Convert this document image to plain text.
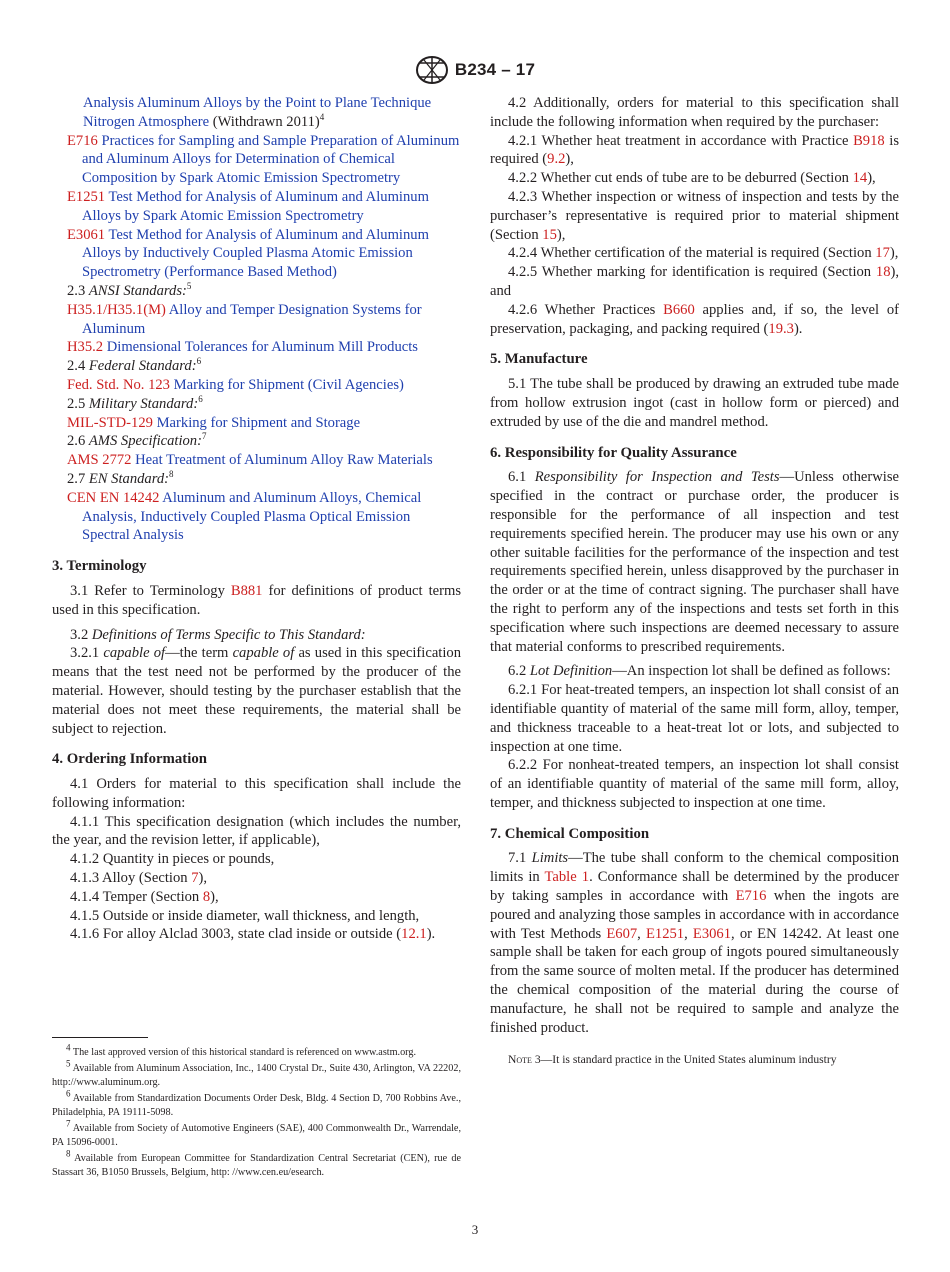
B234 – 17

Analysis Aluminum Alloys by the Point to Plane Technique Nitrogen Atmosphere (Withdrawn 2011)$^4$

E716 Practices for Sampling and Sample Preparation of Aluminum and Aluminum Alloys for Determination of Chemical Composition by Spark Atomic Emission Spectrometry

E1251 Test Method for Analysis of Aluminum and Aluminum Alloys by Spark Atomic Emission Spectrometry

E3061 Test Method for Analysis of Aluminum and Aluminum Alloys by Inductively Coupled Plasma Atomic Emission Spectrometry (Performance Based Method)

2.3 ANSI Standards:$^5$

H35.1/H35.1(M) Alloy and Temper Designation Systems for Aluminum

H35.2 Dimensional Tolerances for Aluminum Mill Products

2.4 Federal Standard:$^6$

Fed. Std. No. 123 Marking for Shipment (Civil Agencies)

2.5 Military Standard:$^6$

MIL-STD-129 Marking for Shipment and Storage

2.6 AMS Specification:$^7$

AMS 2772 Heat Treatment of Aluminum Alloy Raw Materials

2.7 EN Standard:$^8$

CEN EN 14242 Aluminum and Aluminum Alloys, Chemical Analysis, Inductively Coupled Plasma Optical Emission Spectral Analysis

3. Terminology

3.1 Refer to Terminology B881 for definitions of product terms used in this specification.

3.2 Definitions of Terms Specific to This Standard:

3.2.1 capable of—the term capable of as used in this specification means that the test need not be performed by the producer of the material. However, should testing by the purchaser establish that the material does not meet these requirements, the material shall be subject to rejection.

4. Ordering Information

4.1 Orders for material to this specification shall include the following information:

4.1.1 This specification designation (which includes the number, the year, and the revision letter, if applicable),

4.1.2 Quantity in pieces or pounds,

4.1.3 Alloy (Section 7),

4.1.4 Temper (Section 8),

4.1.5 Outside or inside diameter, wall thickness, and length,

4.1.6 For alloy Alclad 3003, state clad inside or outside (12.1).

$^4$ The last approved version of this historical standard is referenced on www.astm.org.

$^5$ Available from Aluminum Association, Inc., 1400 Crystal Dr., Suite 430, Arlington, VA 22202, http://www.aluminum.org.

$^6$ Available from Standardization Documents Order Desk, Bldg. 4 Section D, 700 Robbins Ave., Philadelphia, PA 19111-5098.

$^7$ Available from Society of Automotive Engineers (SAE), 400 Commonwealth Dr., Warrendale, PA 15096-0001.

$^8$ Available from European Committee for Standardization Central Secretariat (CEN), rue de Stassart 36, B1050 Brussels, Belgium, http: //www.cen.eu/esearch.

4.2 Additionally, orders for material to this specification shall include the following information when required by the purchaser:

4.2.1 Whether heat treatment in accordance with Practice B918 is required (9.2),

4.2.2 Whether cut ends of tube are to be deburred (Section 14),

4.2.3 Whether inspection or witness of inspection and tests by the purchaser’s representative is required prior to material shipment (Section 15),

4.2.4 Whether certification of the material is required (Section 17),

4.2.5 Whether marking for identification is required (Section 18), and

4.2.6 Whether Practices B660 applies and, if so, the level of preservation, packaging, and packing required (19.3).

5. Manufacture

5.1 The tube shall be produced by drawing an extruded tube made from hollow extrusion ingot (cast in hollow form or pierced) and extruded by use of the die and mandrel method.

6. Responsibility for Quality Assurance

6.1 Responsibility for Inspection and Tests—Unless otherwise specified in the contract or purchase order, the producer is responsible for the performance of all inspection and test requirements specified herein. The producer may use his own or any other suitable facilities for the performance of the inspection and test requirements specified herein, unless disapproved by the purchaser in the order or at the time of contract signing. The purchaser shall have the right to perform any of the inspections and tests set forth in this specification where such inspections are deemed necessary to assure that material conforms to prescribed requirements.

6.2 Lot Definition—An inspection lot shall be defined as follows:

6.2.1 For heat-treated tempers, an inspection lot shall consist of an identifiable quantity of material of the same mill form, alloy, temper, and thickness traceable to a heat-treat lot or lots, and subjected to inspection at one time.

6.2.2 For nonheat-treated tempers, an inspection lot shall consist of an identifiable quantity of material of the same mill form, alloy, temper, and thickness subjected to inspection at one time.

7. Chemical Composition

7.1 Limits—The tube shall conform to the chemical composition limits in Table 1. Conformance shall be determined by the producer by taking samples in accordance with E716 when the ingots are poured and analyzing those samples in accordance with in accordance with Test Methods E607, E1251, E3061, or EN 14242. At least one sample shall be taken for each group of ingots poured simultaneously from the same source of molten metal. If the producer has determined the chemical composition of the material during the course of manufacture, he shall not be required to sample and analyze the finished product.

Note 3—It is standard practice in the United States aluminum industry

3
